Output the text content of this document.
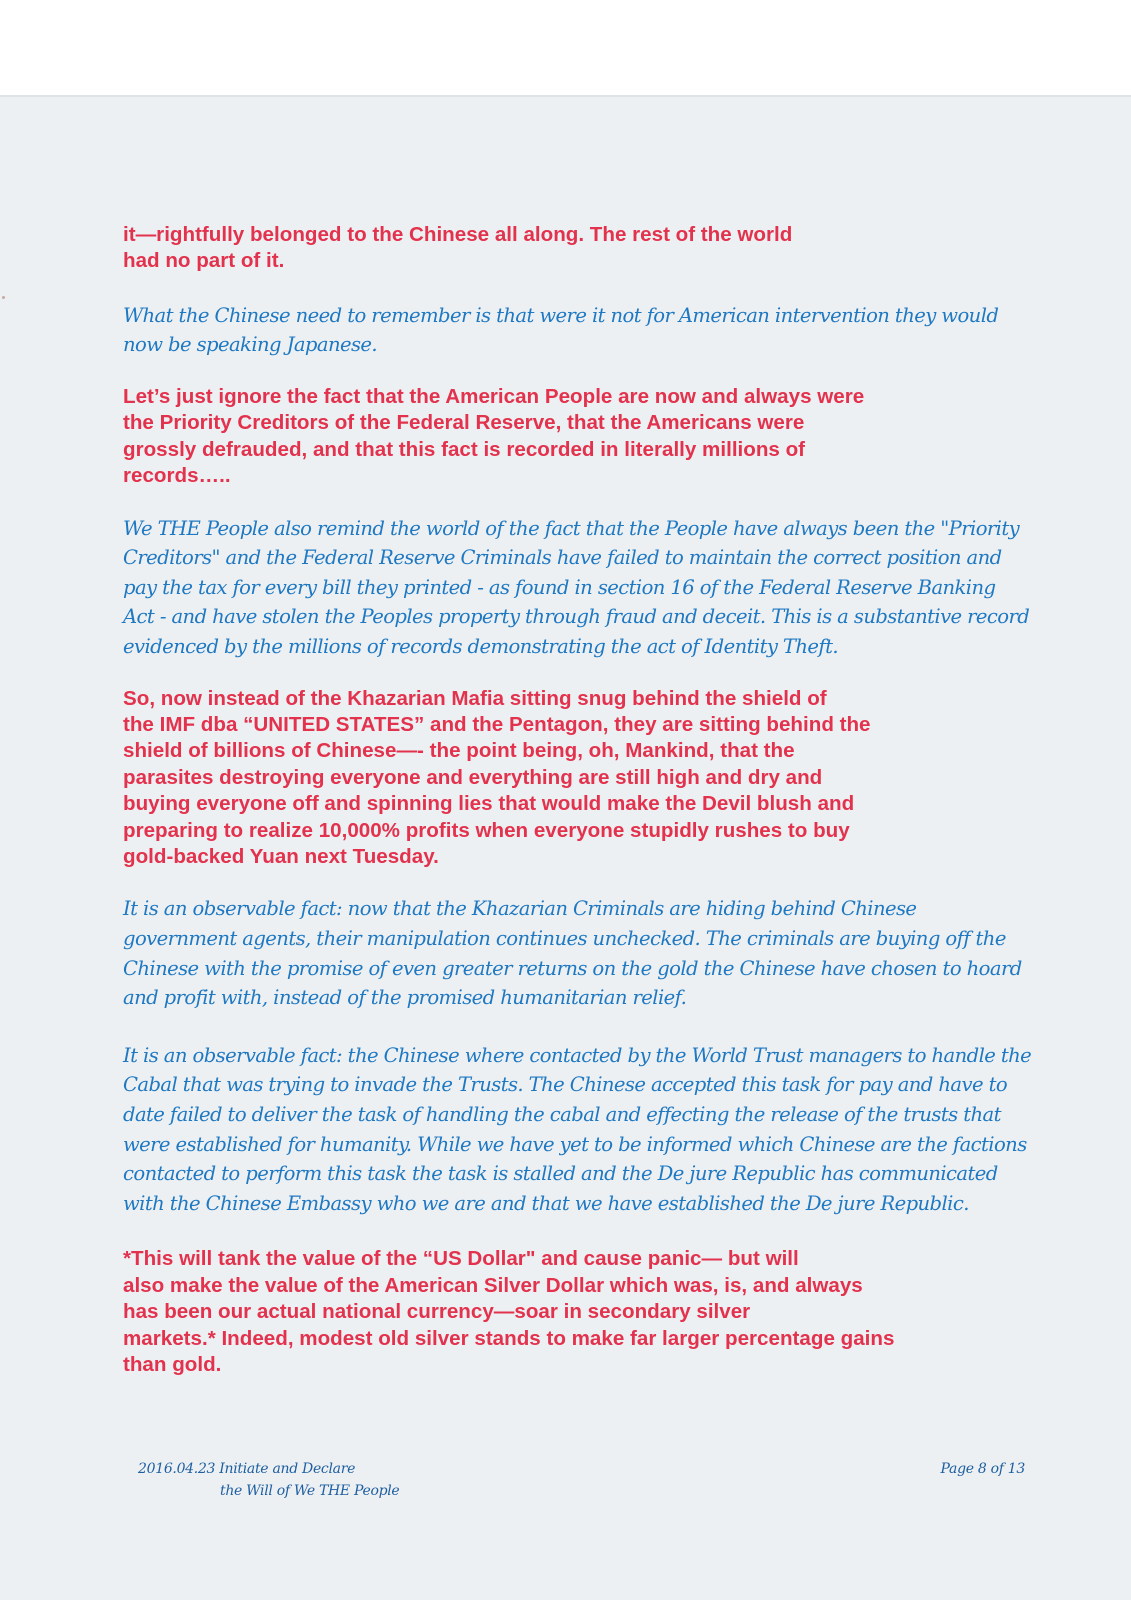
it—rightfully belonged to the Chinese all along. The rest of the world
had no part of it.

What the Chinese need to remember is that were it not for American intervention they would
now be speaking Japanese.

Let’s just ignore the fact that the American People are now and always were
the Priority Creditors of the Federal Reserve, that the Americans were
grossly defrauded, and that this fact is recorded in literally millions of
records…..

We THE People also remind the world of the fact that the People have always been the "Priority
Creditors" and the Federal Reserve Criminals have failed to maintain the correct position and
pay the tax for every bill they printed - as found in section 16 of the Federal Reserve Banking
Act - and have stolen the Peoples property through fraud and deceit. This is a substantive record
evidenced by the millions of records demonstrating the act of Identity Theft.

So, now instead of the Khazarian Mafia sitting snug behind the shield of
the IMF dba “UNITED STATES” and the Pentagon, they are sitting behind the
shield of billions of Chinese—- the point being, oh, Mankind, that the
parasites destroying everyone and everything are still high and dry and
buying everyone off and spinning lies that would make the Devil blush and
preparing to realize 10,000% profits when everyone stupidly rushes to buy
gold-backed Yuan next Tuesday.

It is an observable fact: now that the Khazarian Criminals are hiding behind Chinese
government agents, their manipulation continues unchecked. The criminals are buying off the
Chinese with the promise of even greater returns on the gold the Chinese have chosen to hoard
and profit with, instead of the promised humanitarian relief.

It is an observable fact: the Chinese where contacted by the World Trust managers to handle the
Cabal that was trying to invade the Trusts. The Chinese accepted this task for pay and have to
date failed to deliver the task of handling the cabal and effecting the release of the trusts that
were established for humanity. While we have yet to be informed which Chinese are the factions
contacted to perform this task the task is stalled and the De jure Republic has communicated
with the Chinese Embassy who we are and that we have established the De jure Republic.

*This will tank the value of the “US Dollar" and cause panic— but will
also make the value of the American Silver Dollar which was, is, and always
has been our actual national currency—soar in secondary silver
markets.* Indeed, modest old silver stands to make far larger percentage gains
than gold.

2016.04.23 Initiate and Declare
the Will of We THE People
Page 8 of 13
